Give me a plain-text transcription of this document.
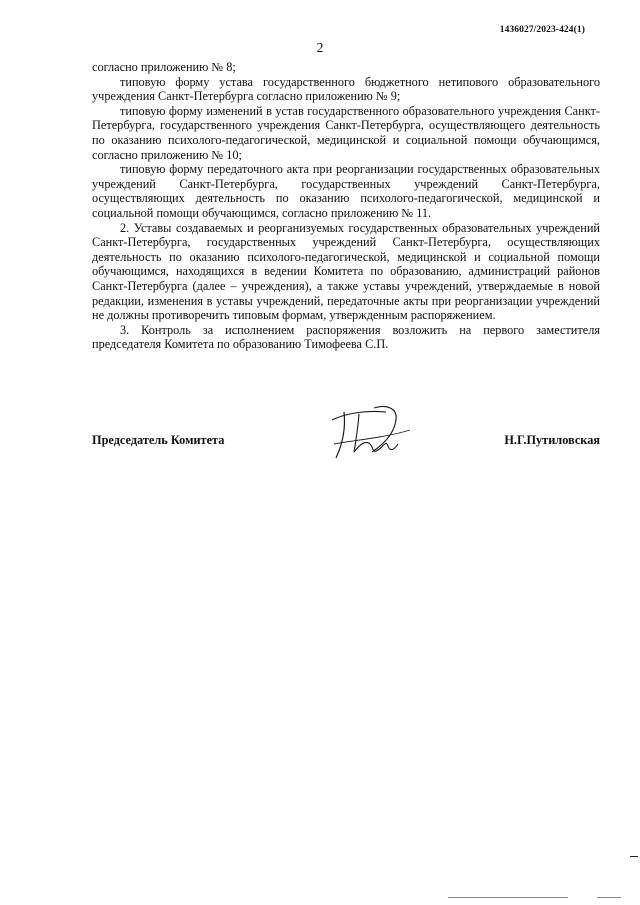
1436027/2023-424(1)
2

согласно приложению № 8;

типовую форму устава государственного бюджетного нетипового образовательного учреждения Санкт-Петербурга согласно приложению № 9;

типовую форму изменений в устав государственного образовательного учреждения Санкт-Петербурга, государственного учреждения Санкт-Петербурга, осуществляющего деятельность по оказанию психолого-педагогической, медицинской и социальной помощи обучающимся, согласно приложению № 10;

типовую форму передаточного акта при реорганизации государственных образовательных учреждений Санкт-Петербурга, государственных учреждений Санкт-Петербурга, осуществляющих деятельность по оказанию психолого-педагогической, медицинской и социальной помощи обучающимся, согласно приложению № 11.

2. Уставы создаваемых и реорганизуемых государственных образовательных учреждений Санкт-Петербурга, государственных учреждений Санкт-Петербурга, осуществляющих деятельность по оказанию психолого-педагогической, медицинской и социальной помощи обучающимся, находящихся в ведении Комитета по образованию, администраций районов Санкт-Петербурга (далее – учреждения), а также уставы учреждений, утверждаемые в новой редакции, изменения в уставы учреждений, передаточные акты при реорганизации учреждений не должны противоречить типовым формам, утвержденным распоряжением.

3. Контроль за исполнением распоряжения возложить на первого заместителя председателя Комитета по образованию Тимофеева С.П.

Председатель Комитета	Н.Г.Путиловская
